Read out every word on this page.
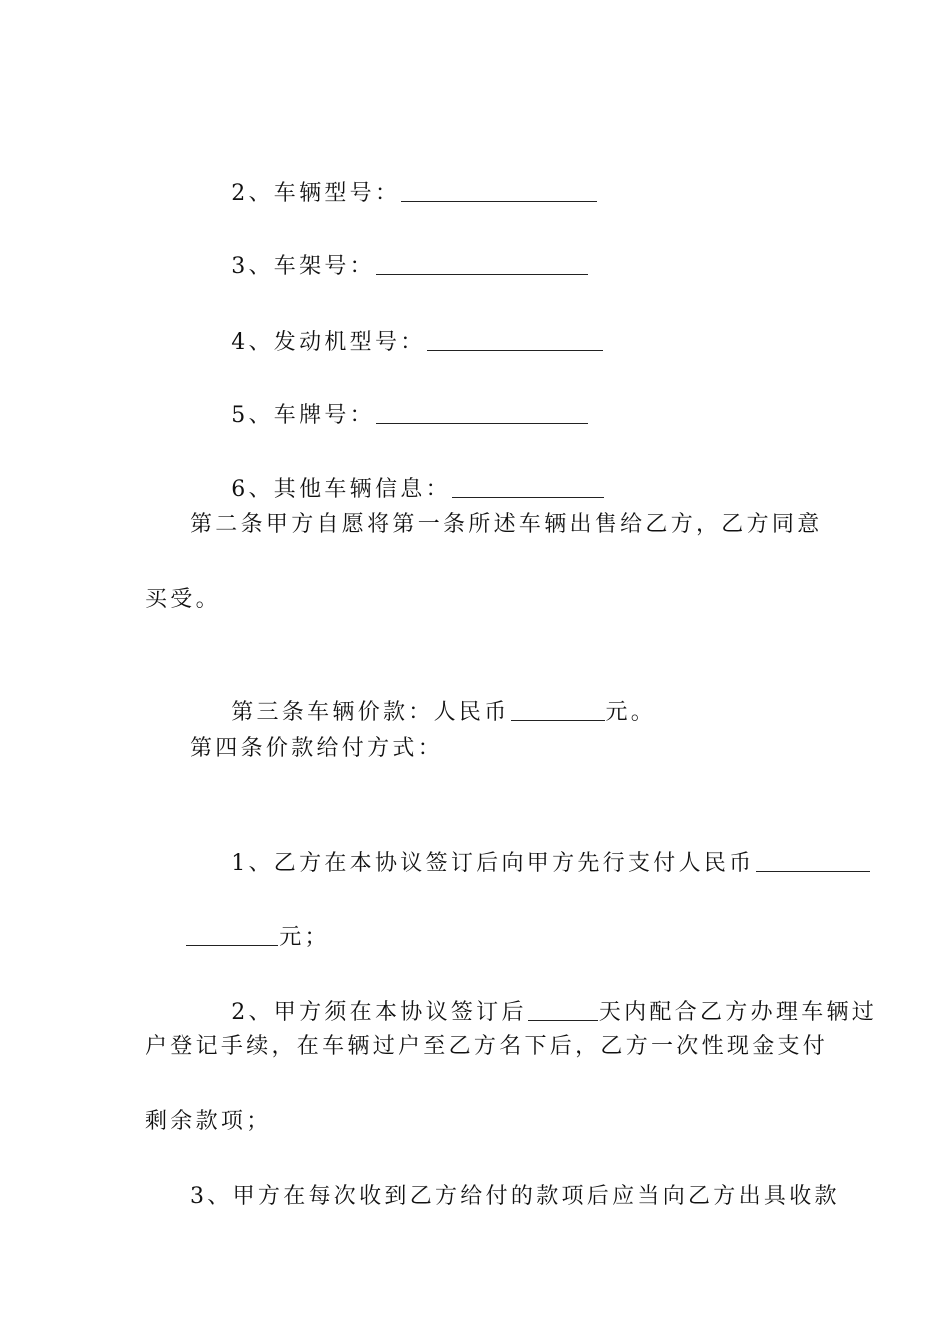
2、车辆型号：

3、车架号：

4、发动机型号：

5、车牌号：

6、其他车辆信息：

第二条甲方自愿将第一条所述车辆出售给乙方，乙方同意
买受。

第三条车辆价款：人民币	元。

第四条价款给付方式：

1、乙方在本协议签订后向甲方先行支付人民币

元；

2、甲方须在本协议签订后	天内配合乙方办理车辆过

户登记手续，在车辆过户至乙方名下后，乙方一次性现金支付
剩余款项；
3、甲方在每次收到乙方给付的款项后应当向乙方出具收款
